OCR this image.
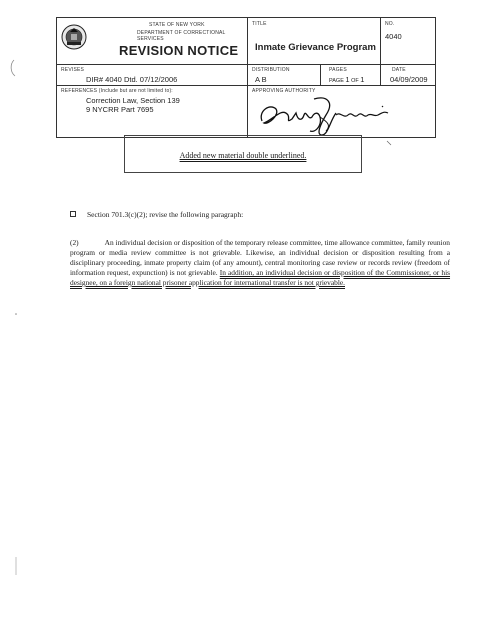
STATE OF NEW YORK
DEPARTMENT OF CORRECTIONAL SERVICES
REVISION NOTICE
TITLE
Inmate Grievance Program
NO.
4040
REVISES
DIR# 4040 Dtd. 07/12/2006
DISTRIBUTION
A B
PAGES
PAGE 1 OF 1
DATE
04/09/2009
REFERENCES (Include but are not limited to):
Correction Law, Section 139
9 NYCRR Part 7695
APPROVING AUTHORITY
Added new material double underlined.
Section 701.3(c)(2); revise the following paragraph:
(2)	An individual decision or disposition of the temporary release committee, time allowance committee, family reunion program or media review committee is not grievable. Likewise, an individual decision or disposition resulting from a disciplinary proceeding, inmate property claim (of any amount), central monitoring case review or records review (freedom of information request, expunction) is not grievable. In addition, an individual decision or disposition of the Commissioner, or his designee, on a foreign national prisoner application for international transfer is not grievable.
